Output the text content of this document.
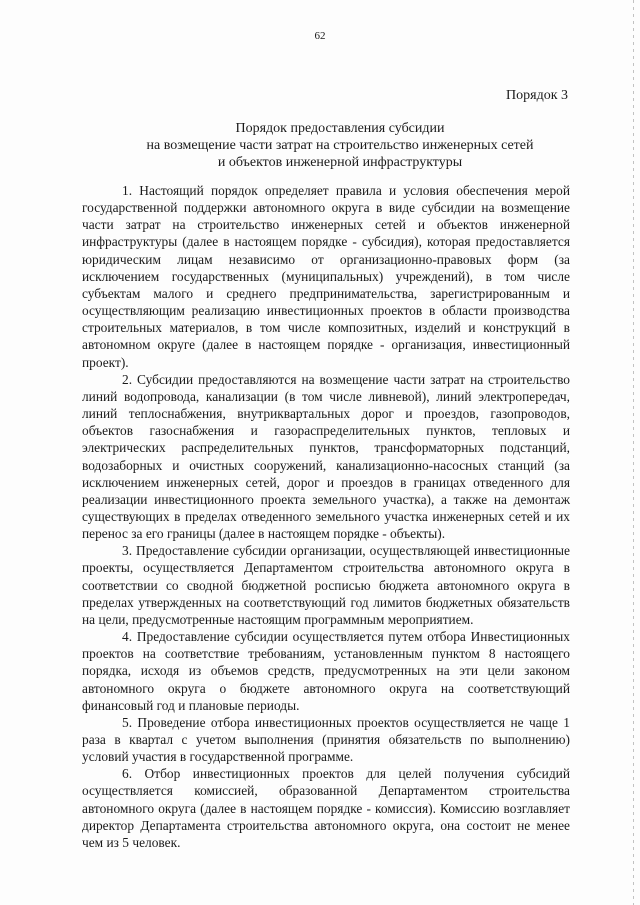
62
Порядок 3
Порядок предоставления субсидии
на возмещение части затрат на строительство инженерных сетей
и объектов инженерной инфраструктуры

1. Настоящий порядок определяет правила и условия обеспечения мерой государственной поддержки автономного округа в виде субсидии на возмещение части затрат на строительство инженерных сетей и объектов инженерной инфраструктуры (далее в настоящем порядке - субсидия), которая предоставляется юридическим лицам независимо от организационно-правовых форм (за исключением государственных (муниципальных) учреждений), в том числе субъектам малого и среднего предпринимательства, зарегистрированным и осуществляющим реализацию инвестиционных проектов в области производства строительных материалов, в том числе композитных, изделий и конструкций в автономном округе (далее в настоящем порядке - организация, инвестиционный проект).

2. Субсидии предоставляются на возмещение части затрат на строительство линий водопровода, канализации (в том числе ливневой), линий электропередач, линий теплоснабжения, внутриквартальных дорог и проездов, газопроводов, объектов газоснабжения и газораспределительных пунктов, тепловых и электрических распределительных пунктов, трансформаторных подстанций, водозаборных и очистных сооружений, канализационно-насосных станций (за исключением инженерных сетей, дорог и проездов в границах отведенного для реализации инвестиционного проекта земельного участка), а также на демонтаж существующих в пределах отведенного земельного участка инженерных сетей и их перенос за его границы (далее в настоящем порядке - объекты).

3. Предоставление субсидии организации, осуществляющей инвестиционные проекты, осуществляется Департаментом строительства автономного округа в соответствии со сводной бюджетной росписью бюджета автономного округа в пределах утвержденных на соответствующий год лимитов бюджетных обязательств на цели, предусмотренные настоящим программным мероприятием.

4. Предоставление субсидии осуществляется путем отбора Инвестиционных проектов на соответствие требованиям, установленным пунктом 8 настоящего порядка, исходя из объемов средств, предусмотренных на эти цели законом автономного округа о бюджете автономного округа на соответствующий финансовый год и плановые периоды.

5. Проведение отбора инвестиционных проектов осуществляется не чаще 1 раза в квартал с учетом выполнения (принятия обязательств по выполнению) условий участия в государственной программе.

6. Отбор инвестиционных проектов для целей получения субсидий осуществляется комиссией, образованной Департаментом строительства автономного округа (далее в настоящем порядке - комиссия). Комиссию возглавляет директор Департамента строительства автономного округа, она состоит не менее чем из 5 человек.
